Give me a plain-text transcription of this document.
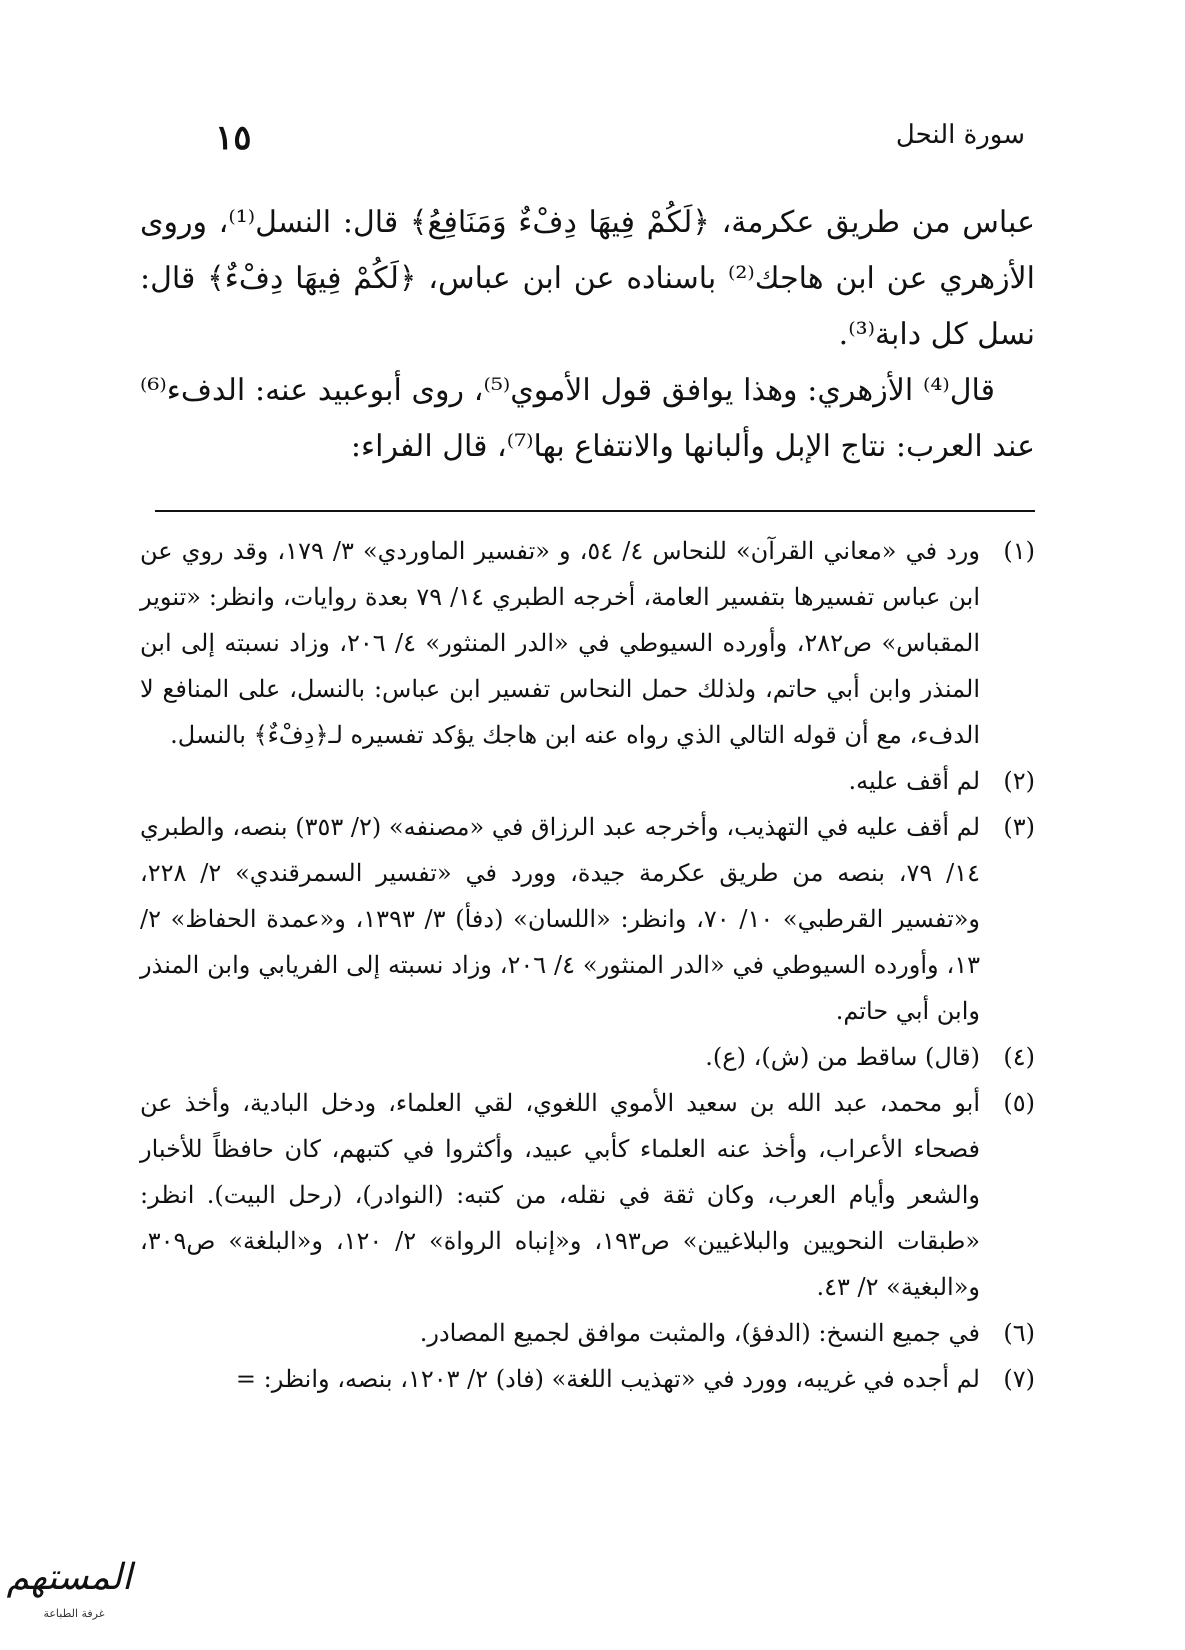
سورة النحل
١٥

عباس من طريق عكرمة، ﴿لَكُمْ فِيهَا دِفْءٌ وَمَنَافِعُ﴾ قال: النسل⁽¹⁾، وروى الأزهري عن ابن هاجك⁽²⁾ باسناده عن ابن عباس، ﴿لَكُمْ فِيهَا دِفْءٌ﴾ قال: نسل كل دابة⁽³⁾.

قال⁽⁴⁾ الأزهري: وهذا يوافق قول الأموي⁽⁵⁾، روى أبوعبيد عنه: الدفء⁽⁶⁾ عند العرب: نتاج الإبل وألبانها والانتفاع بها⁽⁷⁾، قال الفراء:

(١)
ورد في «معاني القرآن» للنحاس ٤/ ٥٤، و «تفسير الماوردي» ٣/ ١٧٩، وقد روي عن ابن عباس تفسيرها بتفسير العامة، أخرجه الطبري ١٤/ ٧٩ بعدة روايات، وانظر: «تنوير المقباس» ص٢٨٢، وأورده السيوطي في «الدر المنثور» ٤/ ٢٠٦، وزاد نسبته إلى ابن المنذر وابن أبي حاتم، ولذلك حمل النحاس تفسير ابن عباس: بالنسل، على المنافع لا الدفء، مع أن قوله التالي الذي رواه عنه ابن هاجك يؤكد تفسيره لـ﴿دِفْءٌ﴾ بالنسل.
(٢)
لم أقف عليه.
(٣)
لم أقف عليه في التهذيب، وأخرجه عبد الرزاق في «مصنفه» (٢/ ٣٥٣) بنصه، والطبري ١٤/ ٧٩، بنصه من طريق عكرمة جيدة، وورد في «تفسير السمرقندي» ٢/ ٢٢٨، و«تفسير القرطبي» ١٠/ ٧٠، وانظر: «اللسان» (دفأ) ٣/ ١٣٩٣، و«عمدة الحفاظ» ٢/ ١٣، وأورده السيوطي في «الدر المنثور» ٤/ ٢٠٦، وزاد نسبته إلى الفريابي وابن المنذر وابن أبي حاتم.
(٤)
(قال) ساقط من (ش)، (ع).
(٥)
أبو محمد، عبد الله بن سعيد الأموي اللغوي، لقي العلماء، ودخل البادية، وأخذ عن فصحاء الأعراب، وأخذ عنه العلماء كأبي عبيد، وأكثروا في كتبهم، كان حافظاً للأخبار والشعر وأيام العرب، وكان ثقة في نقله، من كتبه: (النوادر)، (رحل البيت). انظر: «طبقات النحويين والبلاغيين» ص١٩٣، و«إنباه الرواة» ٢/ ١٢٠، و«البلغة» ص٣٠٩، و«البغية» ٢/ ٤٣.
(٦)
في جميع النسخ: (الدفؤ)، والمثبت موافق لجميع المصادر.
(٧)
لم أجده في غريبه، وورد في «تهذيب اللغة» (فاد) ٢/ ١٢٠٣، بنصه، وانظر: =
المستهم
غرفة الطباعة
